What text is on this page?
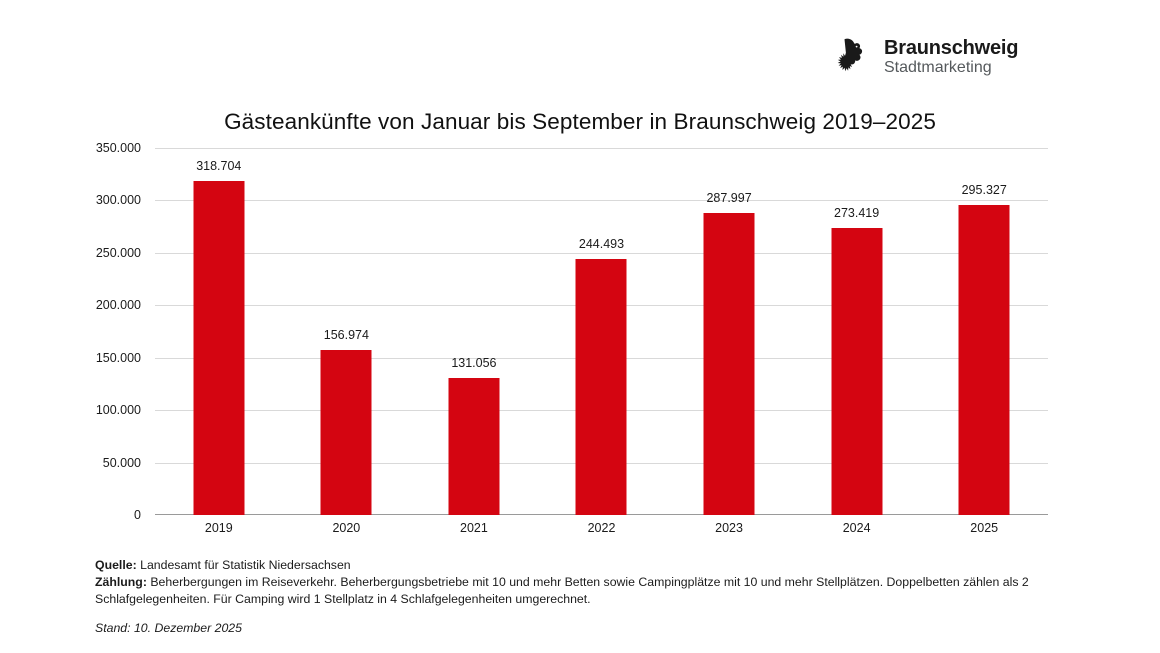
Braunschweig
Stadtmarketing
Gästeankünfte von Januar bis September in Braunschweig 2019–2025
0
50.000
100.000
150.000
200.000
250.000
300.000
350.000
318.704
156.974
131.056
244.493
287.997
273.419
295.327
2019	2020	2021	2022	2023	2024	2025
Quelle: Landesamt für Statistik Niedersachsen
Zählung: Beherbergungen im Reiseverkehr. Beherbergungsbetriebe mit 10 und mehr Betten sowie Campingplätze mit 10 und mehr Stellplätzen. Doppelbetten zählen als 2 Schlafgelegenheiten. Für Camping wird 1 Stellplatz in 4 Schlafgelegenheiten umgerechnet.
Stand: 10. Dezember 2025
